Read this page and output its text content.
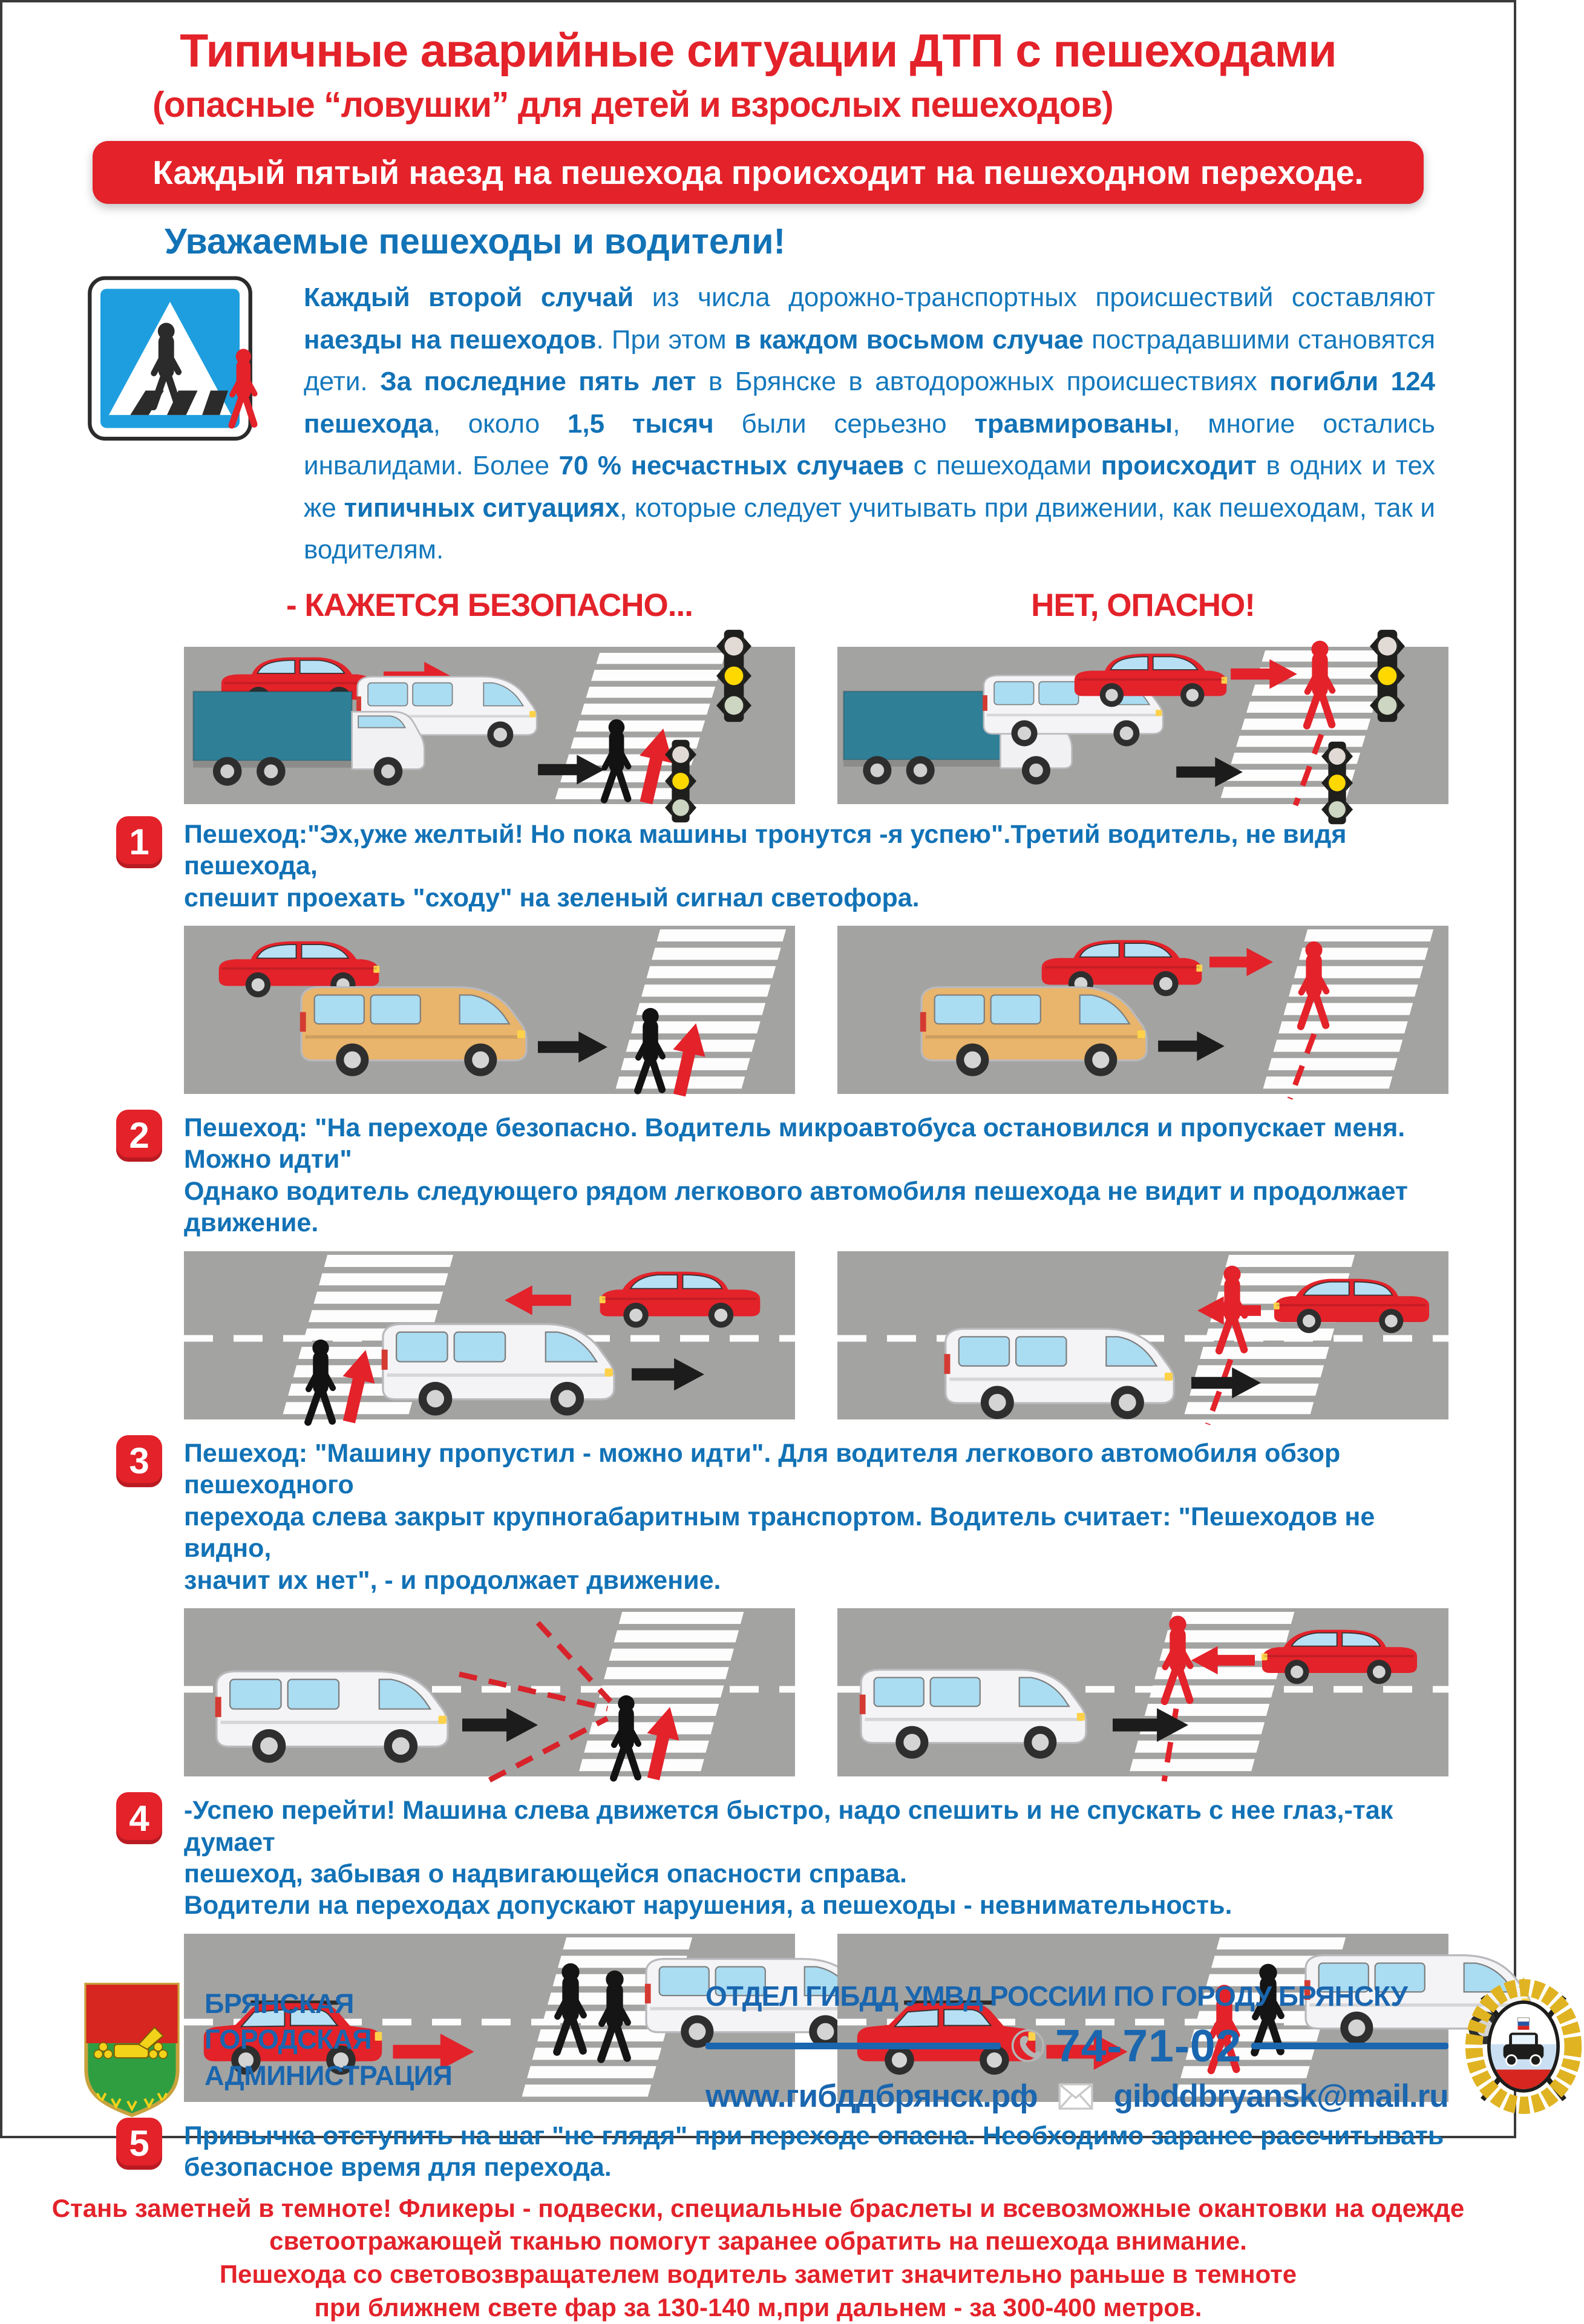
Типичные аварийные ситуации ДТП с пешеходами
(опасные “ловушки” для детей и взрослых пешеходов)
Каждый пятый наезд на пешехода происходит на пешеходном переходе.
Уважаемые пешеходы и водители!

Каждый второй случай из числа дорожно-транспортных происшествий составляют наезды на пешеходов. При этом в каждом восьмом случае пострадавшими становятся дети. За последние пять лет в Брянске в автодорожных происшествиях погибли 124 пешехода, около 1,5 тысяч были серьезно травмированы, многие остались инвалидами. Более 70 % несчастных случаев с пешеходами происходит в одних и тех же типичных ситуациях, которые следует учитывать при движении, как пешеходам, так и водителям.

- КАЖЕТСЯ БЕЗОПАСНО...	НЕТ, ОПАСНО!
1	Пешеход:"Эх,уже желтый! Но пока машины тронутся -я успею".Третий водитель, не видя пешехода,
спешит проехать "сходу" на зеленый сигнал светофора.

2	Пешеход: "На переходе безопасно. Водитель микроавтобуса остановился и пропускает меня. Можно идти"
Однако водитель следующего рядом легкового автомобиля пешехода не видит и продолжает движение.

3	Пешеход: "Машину пропустил - можно идти". Для водителя легкового автомобиля обзор пешеходного
перехода слева закрыт крупногабаритным транспортом. Водитель считает: "Пешеходов не видно,
значит их нет", - и продолжает движение.

4	-Успею перейти! Машина слева движется быстро, надо спешить и не спускать с нее глаз,-так думает
пешеход, забывая о надвигающейся опасности справа.
Водители на переходах допускают нарушения, а пешеходы - невнимательность.

5	Привычка отступить на шаг "не глядя" при переходе опасна. Необходимо заранее рассчитывать
безопасное время для перехода.

Стань заметней в темноте! Фликеры - подвески, специальные браслеты и всевозможные окантовки на одежде
светоотражающей тканью помогут заранее обратить на пешехода внимание.
Пешехода со световозвращателем водитель заметит значительно раньше в темноте
при ближнем свете фар за 130-140 м,при дальнем - за 300-400 метров.
БРЯНСКАЯ
ГОРОДСКАЯ
АДМИНИСТРАЦИЯ
ОТДЕЛ ГИБДД УМВД РОССИИ ПО ГОРОДУ БРЯНСКУ
74-71-02
www.гибддбрянск.рф gibddbryansk@mail.ru
